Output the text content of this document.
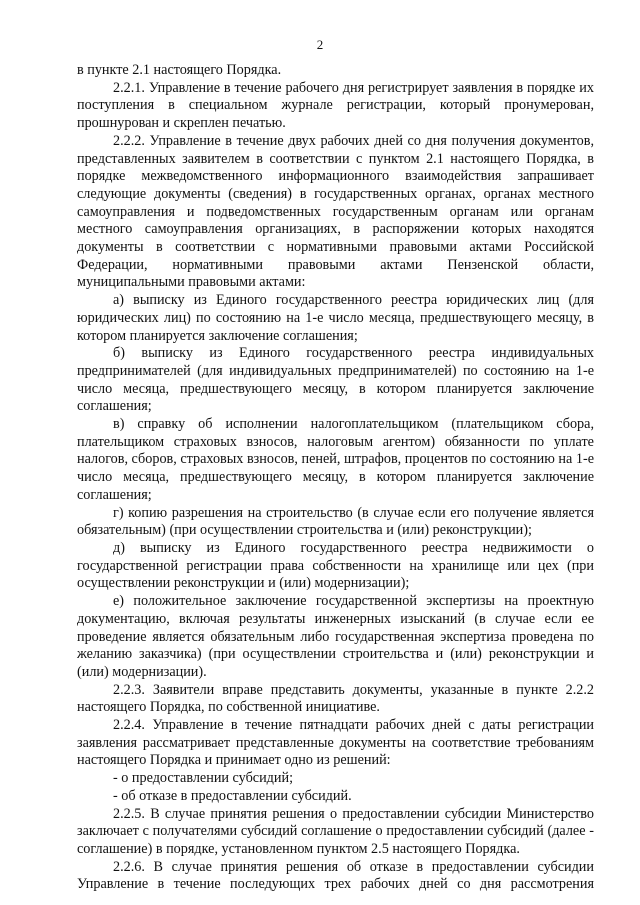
2

в пункте 2.1 настоящего Порядка.

2.2.1. Управление в течение рабочего дня регистрирует заявления в порядке их поступления в специальном журнале регистрации, который пронумерован, прошнурован и скреплен печатью.

2.2.2. Управление в течение двух рабочих дней со дня получения документов, представленных заявителем в соответствии с пунктом 2.1 настоящего Порядка, в порядке межведомственного информационного взаимодействия запрашивает следующие документы (сведения) в государственных органах, органах местного самоуправления и подведомственных государственным органам или органам местного самоуправления организациях, в распоряжении которых находятся документы в соответствии с нормативными правовыми актами Российской Федерации, нормативными правовыми актами Пензенской области, муниципальными правовыми актами:

а) выписку из Единого государственного реестра юридических лиц (для юридических лиц) по состоянию на 1-е число месяца, предшествующего месяцу, в котором планируется заключение соглашения;

б) выписку из Единого государственного реестра индивидуальных предпринимателей (для индивидуальных предпринимателей) по состоянию на 1-е число месяца, предшествующего месяцу, в котором планируется заключение соглашения;

в) справку об исполнении налогоплательщиком (плательщиком сбора, плательщиком страховых взносов, налоговым агентом) обязанности по уплате налогов, сборов, страховых взносов, пеней, штрафов, процентов по состоянию на 1-е число месяца, предшествующего месяцу, в котором планируется заключение соглашения;

г) копию разрешения на строительство (в случае если его получение является обязательным) (при осуществлении строительства и (или) реконструкции);

д) выписку из Единого государственного реестра недвижимости о государственной регистрации права собственности на хранилище или цех (при осуществлении реконструкции и (или) модернизации);

е) положительное заключение государственной экспертизы на проектную документацию, включая результаты инженерных изысканий (в случае если ее проведение является обязательным либо государственная экспертиза проведена по желанию заказчика) (при осуществлении строительства и (или) реконструкции и (или) модернизации).

2.2.3. Заявители вправе представить документы, указанные в пункте 2.2.2 настоящего Порядка, по собственной инициативе.

2.2.4. Управление в течение пятнадцати рабочих дней с даты регистрации заявления рассматривает представленные документы на соответствие требованиям настоящего Порядка и принимает одно из решений:

- о предоставлении субсидий;

- об отказе в предоставлении субсидий.

2.2.5. В случае принятия решения о предоставлении субсидии Министерство заключает с получателями субсидий соглашение о предоставлении субсидий (далее - соглашение) в порядке, установленном пунктом 2.5 настоящего Порядка.

2.2.6. В случае принятия решения об отказе в предоставлении субсидии Управление в течение последующих трех рабочих дней со дня рассмотрения
